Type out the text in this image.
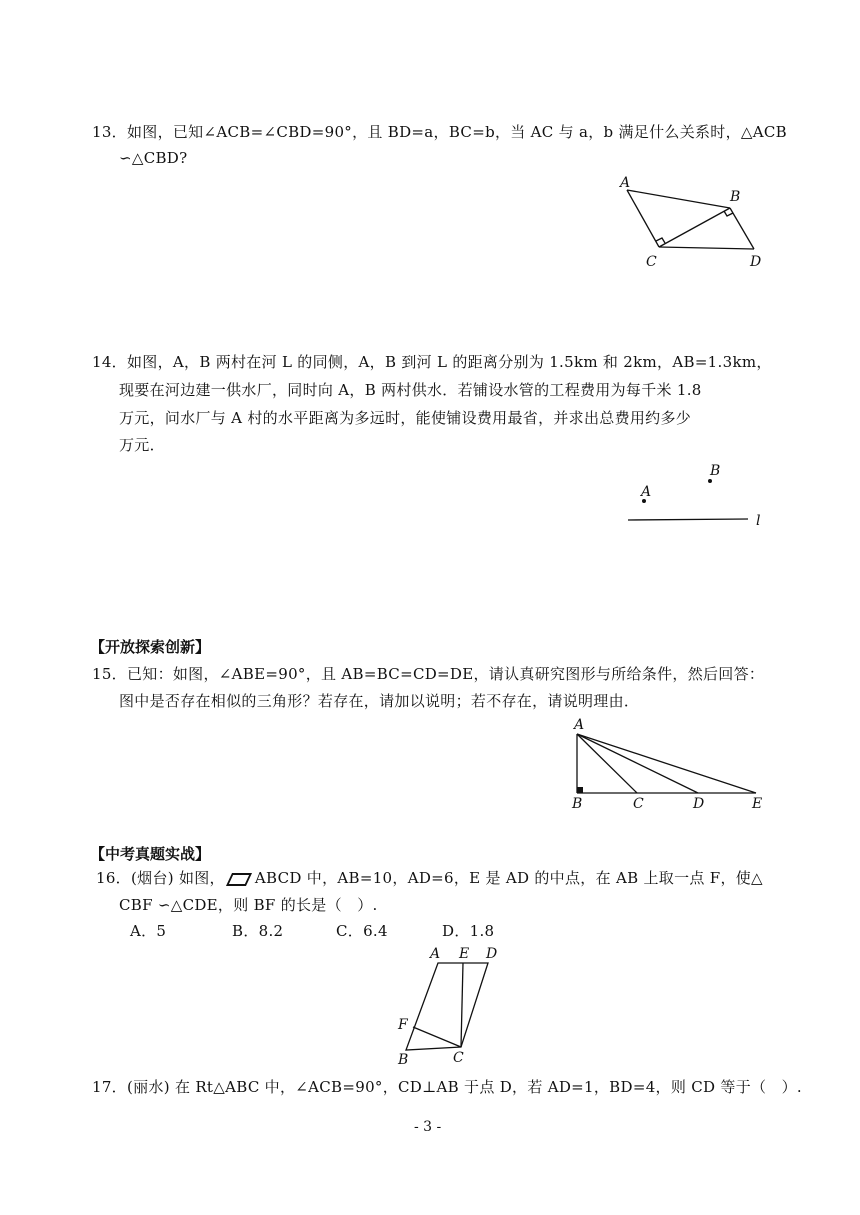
13．如图，已知∠ACB=∠CBD=90°，且 BD=a，BC=b，当 AC 与 a，b 满足什么关系时，△ACB
∽△CBD?
A
B
C	D
14．如图，A，B 两村在河 L 的同侧，A，B 到河 L 的距离分别为 1.5km 和 2km，AB=1.3km，
现要在河边建一供水厂，同时向 A，B 两村供水．若铺设水管的工程费用为每千米 1.8
万元，问水厂与 A 村的水平距离为多远时，能使铺设费用最省，并求出总费用约多少
万元．
A
B
l
【开放探索创新】
15．已知：如图，∠ABE=90°，且 AB=BC=CD=DE，请认真研究图形与所给条件，然后回答：
图中是否存在相似的三角形？若存在，请加以说明；若不存在，请说明理由．
A
B	C	D	E
【中考真题实战】
16．(烟台) 如图， ABCD 中，AB=10，AD=6，E 是 AD 的中点，在 AB 上取一点 F，使△
CBF ∽△CDE，则 BF 的长是（　）.
A．5	B．8.2	C．6.4	D．1.8
A E D
F
B	C
17．(丽水) 在 Rt△ABC 中，∠ACB=90°，CD⊥AB 于点 D，若 AD=1，BD=4，则 CD 等于（　）.
- 3 -
